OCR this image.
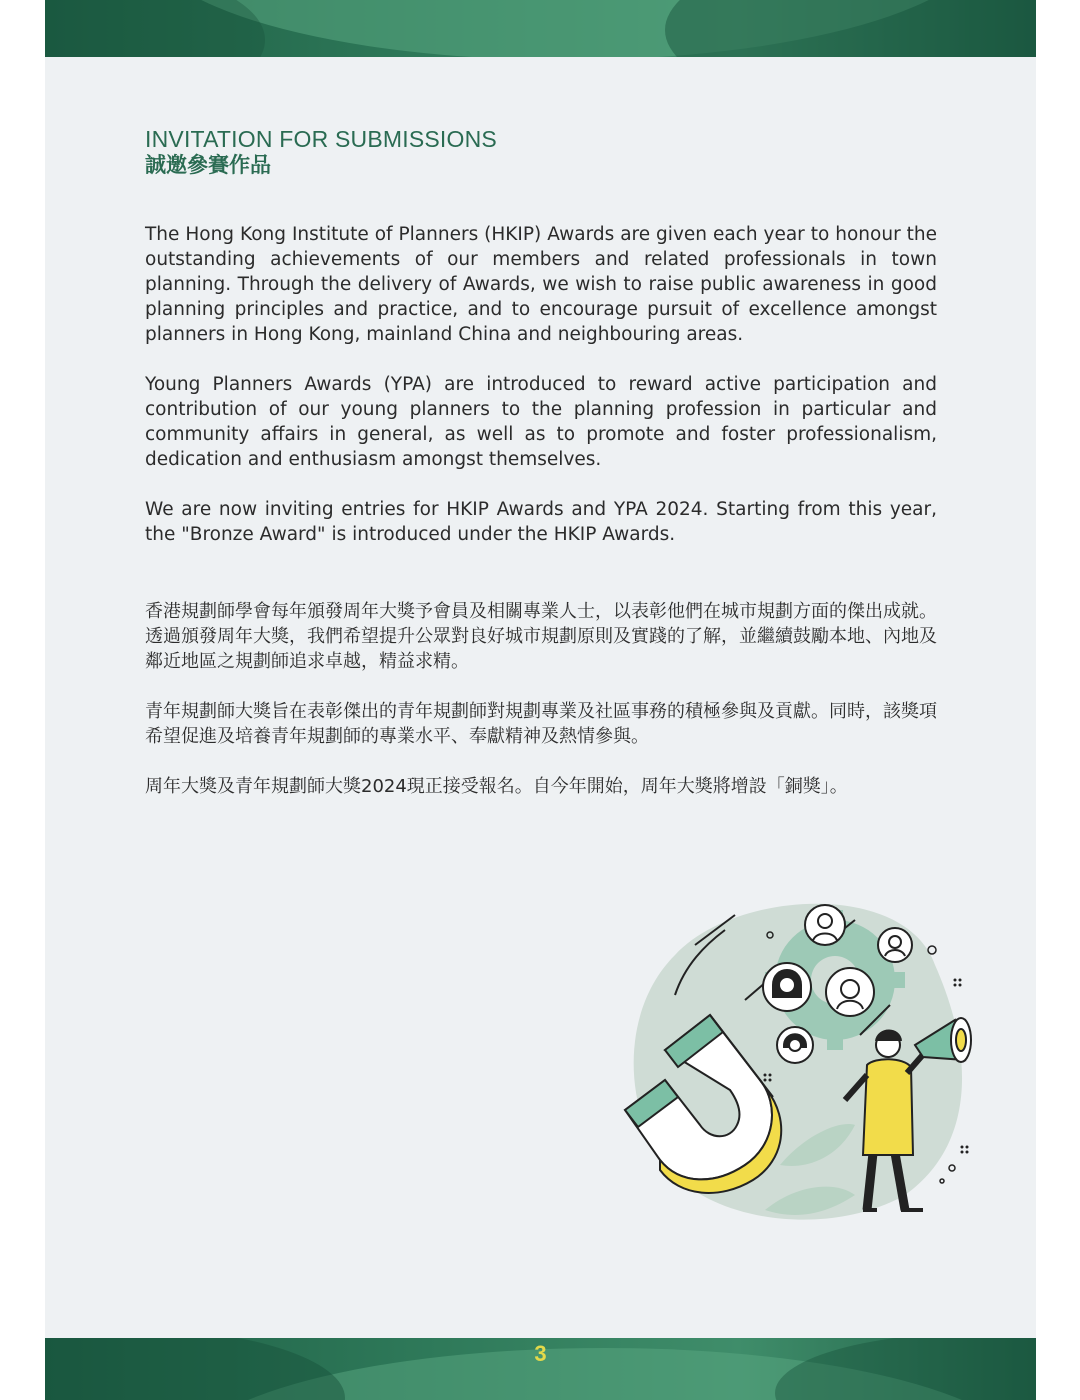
INVITATION FOR SUBMISSIONS
誠邀參賽作品

The Hong Kong Institute of Planners (HKIP) Awards are given each year to honour the outstanding achievements of our members and related professionals in town planning. Through the delivery of Awards, we wish to raise public awareness in good planning principles and practice, and to encourage pursuit of excellence amongst planners in Hong Kong, mainland China and neighbouring areas.

Young Planners Awards (YPA) are introduced to reward active participation and contribution of our young planners to the planning profession in particular and community affairs in general, as well as to promote and foster professionalism, dedication and enthusiasm amongst themselves.

We are now inviting entries for HKIP Awards and YPA 2024. Starting from this year, the "Bronze Award" is introduced under the HKIP Awards.

香港規劃師學會每年頒發周年大獎予會員及相關專業人士，以表彰他們在城市規劃方面的傑出成就。透過頒發周年大獎，我們希望提升公眾對良好城市規劃原則及實踐的了解，並繼續鼓勵本地、內地及鄰近地區之規劃師追求卓越，精益求精。

青年規劃師大獎旨在表彰傑出的青年規劃師對規劃專業及社區事務的積極參與及貢獻。同時，該獎項希望促進及培養青年規劃師的專業水平、奉獻精神及熱情參與。

周年大獎及青年規劃師大獎2024現正接受報名。自今年開始，周年大獎將增設「銅獎」。

3
